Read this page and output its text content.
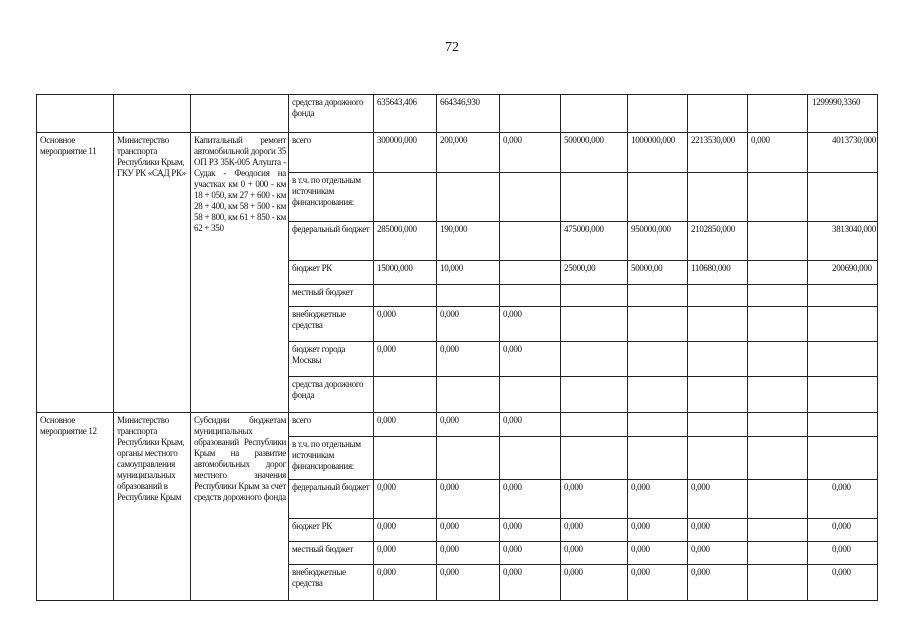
72
			средства дорожного фонда	635643,406	664346,930						1299990,3360
Основное мероприятие 11	Министерство транспорта Республики Крым, ГКУ РК «САД РК»	Капитальный ремонт автомобильной дороги 35 ОП РЗ 35К-005 Алушта - Судак - Феодосия на участках км 0 + 000 - км 18 + 050, км 27 + 600 - км 28 + 400, км 58 + 500 - км 58 + 800, км 61 + 850 - км 62 + 350	всего	300000,000	200,000	0,000	500000,000	1000000,000	2213530,000	0,000	4013730,000
			в т.ч. по отдельным источникам финансирования:								
			федеральный бюджет	285000,000	190,000		475000,000	950000,000	2102850,000		3813040,000
			бюджет РК	15000,000	10,000		25000,00	50000,00	110680,000		200690,000
			местный бюджет								
			внебюджетные средства	0,000	0,000	0,000					
			бюджет города Москвы	0,000	0,000	0,000					
			средства дорожного фонда								
Основное мероприятие 12	Министерство транспорта Республики Крым, органы местного самоуправления муниципальных образований в Республике Крым	Субсидии бюджетам муниципальных образований Республики Крым на развитие автомобильных дорог местного значения Республики Крым за счет средств дорожного фонда	всего	0,000	0,000	0,000					
			в т.ч. по отдельным источникам финансирования:								
			федеральный бюджет	0,000	0,000	0,000	0,000	0,000	0,000		0,000
			бюджет РК	0,000	0,000	0,000	0,000	0,000	0,000		0,000
			местный бюджет	0,000	0,000	0,000	0,000	0,000	0,000		0,000
			внебюджетные средства	0,000	0,000	0,000	0,000	0,000	0,000		0,000
